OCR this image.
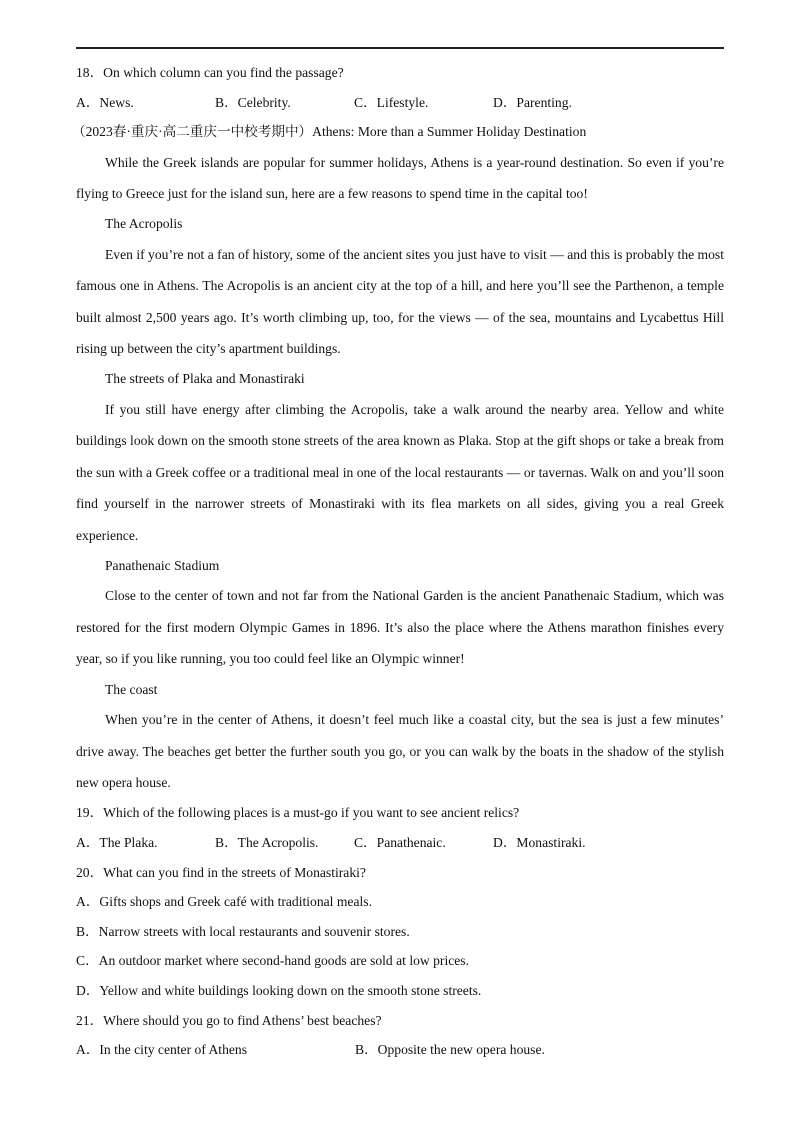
18．On which column can you find the passage?
A．News.	B．Celebrity.	C．Lifestyle.	D．Parenting.
（2023春·重庆·高二重庆一中校考期中）Athens: More than a Summer Holiday Destination

While the Greek islands are popular for summer holidays, Athens is a year-round destination. So even if you’re flying to Greece just for the island sun, here are a few reasons to spend time in the capital too!

The Acropolis

Even if you’re not a fan of history, some of the ancient sites you just have to visit — and this is probably the most famous one in Athens. The Acropolis is an ancient city at the top of a hill, and here you’ll see the Parthenon, a temple built almost 2,500 years ago. It’s worth climbing up, too, for the views — of the sea, mountains and Lycabettus Hill rising up between the city’s apartment buildings.

The streets of Plaka and Monastiraki

If you still have energy after climbing the Acropolis, take a walk around the nearby area. Yellow and white buildings look down on the smooth stone streets of the area known as Plaka. Stop at the gift shops or take a break from the sun with a Greek coffee or a traditional meal in one of the local restaurants — or tavernas. Walk on and you’ll soon find yourself in the narrower streets of Monastiraki with its flea markets on all sides, giving you a real Greek experience.

Panathenaic Stadium

Close to the center of town and not far from the National Garden is the ancient Panathenaic Stadium, which was restored for the first modern Olympic Games in 1896. It’s also the place where the Athens marathon finishes every year, so if you like running, you too could feel like an Olympic winner!

The coast

When you’re in the center of Athens, it doesn’t feel much like a coastal city, but the sea is just a few minutes’ drive away. The beaches get better the further south you go, or you can walk by the boats in the shadow of the stylish new opera house.

19．Which of the following places is a must-go if you want to see ancient relics?
A．The Plaka.	B．The Acropolis.	C．Panathenaic.	D．Monastiraki.
20．What can you find in the streets of Monastiraki?
A．Gifts shops and Greek café with traditional meals.
B．Narrow streets with local restaurants and souvenir stores.
C．An outdoor market where second-hand goods are sold at low prices.
D．Yellow and white buildings looking down on the smooth stone streets.
21．Where should you go to find Athens’ best beaches?
A．In the city center of Athens	B．Opposite the new opera house.
